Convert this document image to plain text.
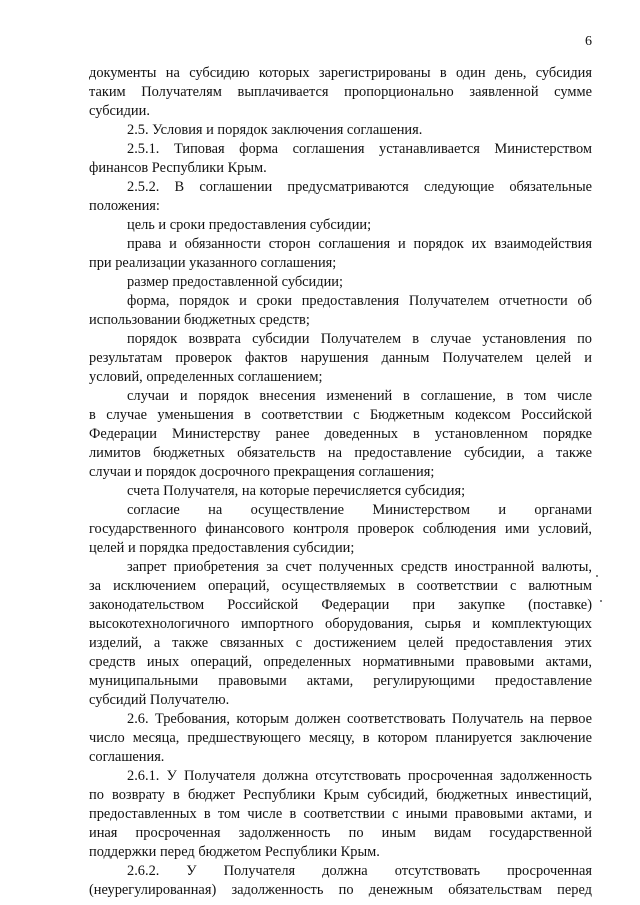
6
документы на субсидию которых зарегистрированы в один день, субсидия
таким Получателям выплачивается пропорционально заявленной сумме
субсидии.
2.5. Условия и порядок заключения соглашения.
2.5.1. Типовая форма соглашения устанавливается Министерством
финансов Республики Крым.
2.5.2. В соглашении предусматриваются следующие обязательные
положения:
цель и сроки предоставления субсидии;
права и обязанности сторон соглашения и порядок их взаимодействия
при реализации указанного соглашения;
размер предоставленной субсидии;
форма, порядок и сроки предоставления Получателем отчетности об
использовании бюджетных средств;
порядок возврата субсидии Получателем в случае установления по
результатам проверок фактов нарушения данным Получателем целей и
условий, определенных соглашением;
случаи и порядок внесения изменений в соглашение, в том числе
в случае уменьшения в соответствии с Бюджетным кодексом Российской
Федерации Министерству ранее доведенных в установленном порядке
лимитов бюджетных обязательств на предоставление субсидии, а также
случаи и порядок досрочного прекращения соглашения;
счета Получателя, на которые перечисляется субсидия;
согласие на осуществление Министерством и органами
государственного финансового контроля проверок соблюдения ими условий,
целей и порядка предоставления субсидии;
запрет приобретения за счет полученных средств иностранной валюты,
за исключением операций, осуществляемых в соответствии с валютным
законодательством Российской Федерации при закупке (поставке)
высокотехнологичного импортного оборудования, сырья и комплектующих
изделий, а также связанных с достижением целей предоставления этих
средств иных операций, определенных нормативными правовыми актами,
муниципальными правовыми актами, регулирующими предоставление
субсидий Получателю.
2.6. Требования, которым должен соответствовать Получатель на первое
число месяца, предшествующего месяцу, в котором планируется заключение
соглашения.
2.6.1. У Получателя должна отсутствовать просроченная задолженность
по возврату в бюджет Республики Крым субсидий, бюджетных инвестиций,
предоставленных в том числе в соответствии с иными правовыми актами, и
иная просроченная задолженность по иным видам государственной
поддержки перед бюджетом Республики Крым.
2.6.2. У Получателя должна отсутствовать просроченная
(неурегулированная) задолженность по денежным обязательствам перед
